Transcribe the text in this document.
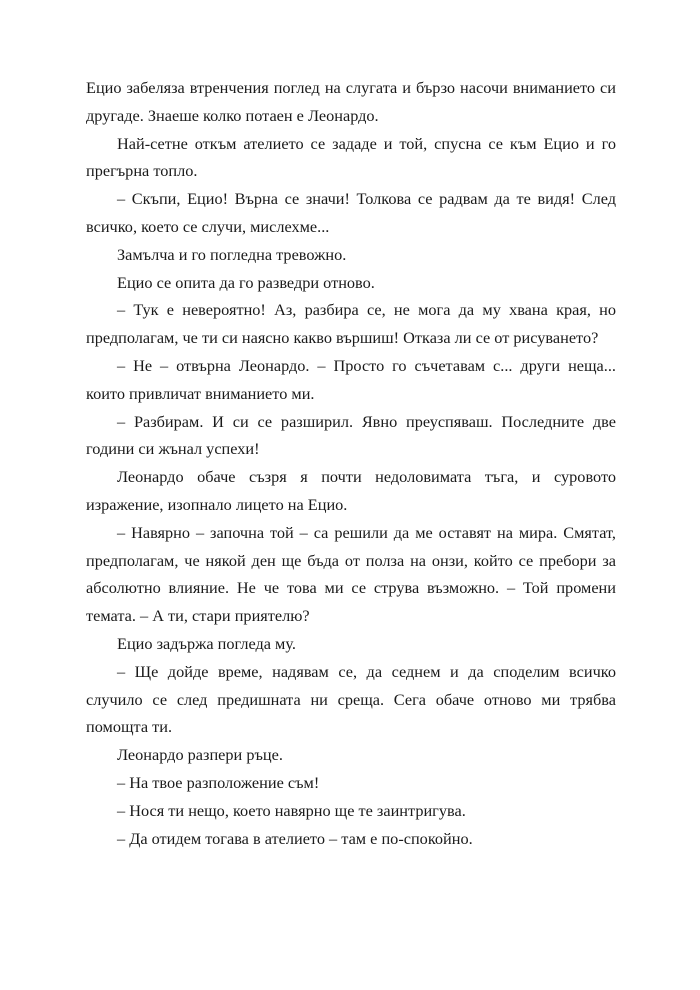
Ецио забеляза втренчения поглед на слугата и бързо насочи вниманието си другаде. Знаеше колко потаен е Леонардо.

Най-сетне откъм ателието се зададе и той, спусна се към Ецио и го прегърна топло.

– Скъпи, Ецио! Върна се значи! Толкова се радвам да те видя! След всичко, което се случи, мислехме...

Замълча и го погледна тревожно.

Ецио се опита да го разведри отново.

– Тук е невероятно! Аз, разбира се, не мога да му хвана края, но предполагам, че ти си наясно какво вършиш! Отказа ли се от рисуването?

– Не – отвърна Леонардо. – Просто го съчетавам с... други неща... които привличат вниманието ми.

– Разбирам. И си се разширил. Явно преуспяваш. Последните две години си жънал успехи!

Леонардо обаче съзря я почти недоловимата тъга, и суровото изражение, изопнало лицето на Ецио.

– Навярно – започна той – са решили да ме оставят на мира. Смятат, предполагам, че някой ден ще бъда от полза на онзи, който се пребори за абсолютно влияние. Не че това ми се струва възможно. – Той промени темата. – А ти, стари приятелю?

Ецио задържа погледа му.

– Ще дойде време, надявам се, да седнем и да споделим всичко случило се след предишната ни среща. Сега обаче отново ми трябва помощта ти.

Леонардо разпери ръце.

– На твое разположение съм!

– Нося ти нещо, което навярно ще те заинтригува.

– Да отидем тогава в ателието – там е по-спокойно.
